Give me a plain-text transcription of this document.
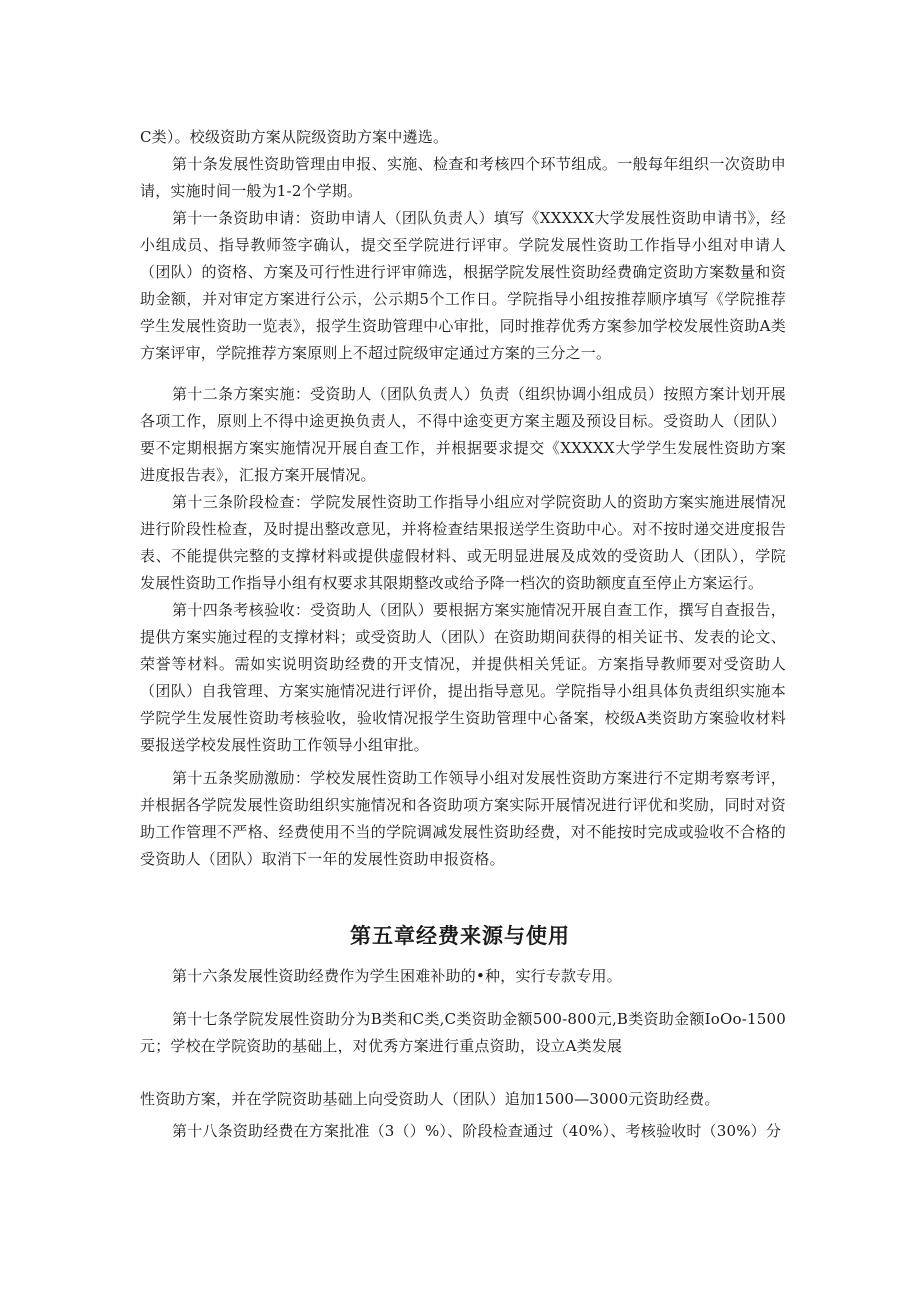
C类）。校级资助方案从院级资助方案中遴选。

第十条发展性资助管理由申报、实施、检查和考核四个环节组成。一般每年组织一次资助申请，实施时间一般为1-2个学期。

第十一条资助申请：资助申请人（团队负责人）填写《XXXXX大学发展性资助申请书》，经小组成员、指导教师签字确认，提交至学院进行评审。学院发展性资助工作指导小组对申请人（团队）的资格、方案及可行性进行评审筛选，根据学院发展性资助经费确定资助方案数量和资助金额，并对审定方案进行公示，公示期5个工作日。学院指导小组按推荐顺序填写《学院推荐学生发展性资助一览表》，报学生资助管理中心审批，同时推荐优秀方案参加学校发展性资助A类方案评审，学院推荐方案原则上不超过院级审定通过方案的三分之一。

第十二条方案实施：受资助人（团队负责人）负责（组织协调小组成员）按照方案计划开展各项工作，原则上不得中途更换负责人，不得中途变更方案主题及预设目标。受资助人（团队）要不定期根据方案实施情况开展自查工作，并根据要求提交《XXXXX大学学生发展性资助方案进度报告表》，汇报方案开展情况。

第十三条阶段检查：学院发展性资助工作指导小组应对学院资助人的资助方案实施进展情况进行阶段性检查，及时提出整改意见，并将检查结果报送学生资助中心。对不按时递交进度报告表、不能提供完整的支撑材料或提供虚假材料、或无明显进展及成效的受资助人（团队），学院发展性资助工作指导小组有权要求其限期整改或给予降一档次的资助额度直至停止方案运行。

第十四条考核验收：受资助人（团队）要根据方案实施情况开展自查工作，撰写自查报告，提供方案实施过程的支撑材料；或受资助人（团队）在资助期间获得的相关证书、发表的论文、荣誉等材料。需如实说明资助经费的开支情况，并提供相关凭证。方案指导教师要对受资助人（团队）自我管理、方案实施情况进行评价，提出指导意见。学院指导小组具体负责组织实施本学院学生发展性资助考核验收，验收情况报学生资助管理中心备案，校级A类资助方案验收材料要报送学校发展性资助工作领导小组审批。

第十五条奖励激励：学校发展性资助工作领导小组对发展性资助方案进行不定期考察考评，并根据各学院发展性资助组织实施情况和各资助项方案实际开展情况进行评优和奖励，同时对资助工作管理不严格、经费使用不当的学院调减发展性资助经费，对不能按时完成或验收不合格的受资助人（团队）取消下一年的发展性资助申报资格。

第五章经费来源与使用

第十六条发展性资助经费作为学生困难补助的•种，实行专款专用。

第十七条学院发展性资助分为B类和C类,C类资助金额500-800元,B类资助金额IoOo-1500元；学校在学院资助的基础上，对优秀方案进行重点资助，设立A类发展

性资助方案，并在学院资助基础上向受资助人（团队）追加1500—3000元资助经费。

第十八条资助经费在方案批准（3（）%）、阶段检查通过（40%）、考核验收时（30%）分
